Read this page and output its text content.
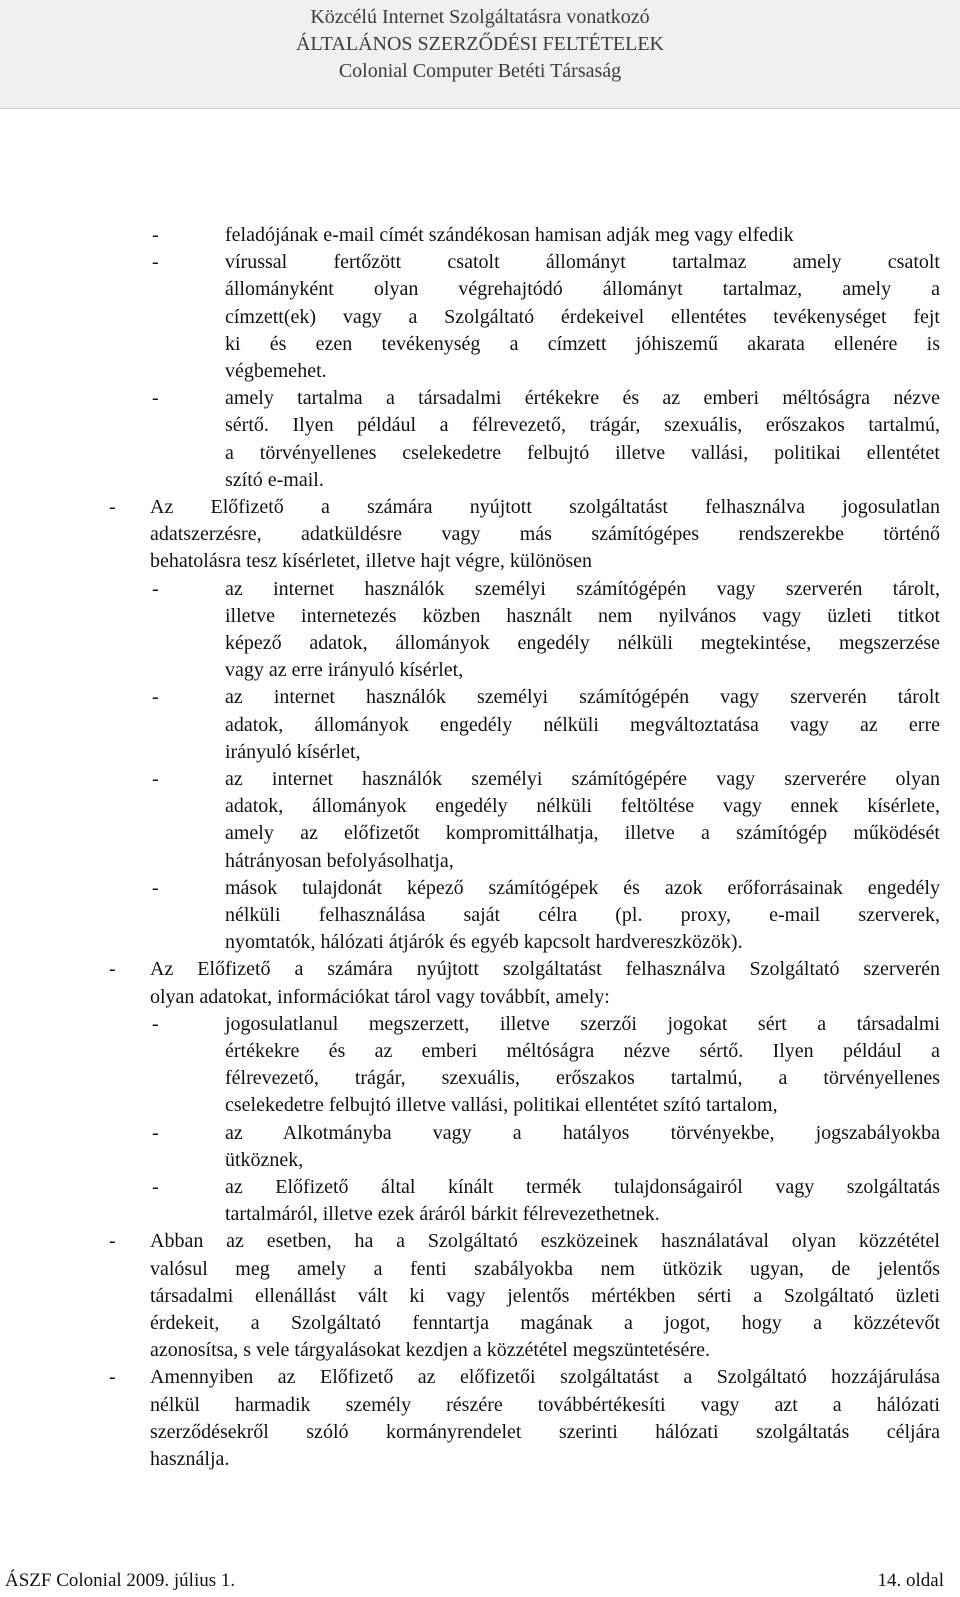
Közcélú Internet Szolgáltatásra vonatkozó
ÁLTALÁNOS SZERZŐDÉSI FELTÉTELEK
Colonial Computer Betéti Társaság
-	feladójának e-mail címét szándékosan hamisan adják meg vagy elfedik
-	vírussal fertőzött csatolt állományt tartalmaz amely csatolt
állományként olyan végrehajtódó állományt tartalmaz, amely a
címzett(ek) vagy a Szolgáltató érdekeivel ellentétes tevékenységet fejt
ki és ezen tevékenység a címzett jóhiszemű akarata ellenére is
végbemehet.
-	amely tartalma a társadalmi értékekre és az emberi méltóságra nézve
sértő. Ilyen például a félrevezető, trágár, szexuális, erőszakos tartalmú,
a törvényellenes cselekedetre felbujtó illetve vallási, politikai ellentétet
szító e-mail.
- Az Előfizető a számára nyújtott szolgáltatást felhasználva jogosulatlan
adatszerzésre, adatküldésre vagy más számítógépes rendszerekbe történő
behatolásra tesz kísérletet, illetve hajt végre, különösen
-	az internet használók személyi számítógépén vagy szerverén tárolt,
illetve internetezés közben használt nem nyilvános vagy üzleti titkot
képező adatok, állományok engedély nélküli megtekintése, megszerzése
vagy az erre irányuló kísérlet,
-	az internet használók személyi számítógépén vagy szerverén tárolt
adatok, állományok engedély nélküli megváltoztatása vagy az erre
irányuló kísérlet,
-	az internet használók személyi számítógépére vagy szerverére olyan
adatok, állományok engedély nélküli feltöltése vagy ennek kísérlete,
amely az előfizetőt kompromittálhatja, illetve a számítógép működését
hátrányosan befolyásolhatja,
-	mások tulajdonát képező számítógépek és azok erőforrásainak engedély
nélküli felhasználása saját célra (pl. proxy, e-mail szerverek,
nyomtatók, hálózati átjárók és egyéb kapcsolt hardvereszközök).
- Az Előfizető a számára nyújtott szolgáltatást felhasználva Szolgáltató szerverén
olyan adatokat, információkat tárol vagy továbbít, amely:
-	jogosulatlanul megszerzett, illetve szerzői jogokat sért a társadalmi
értékekre és az emberi méltóságra nézve sértő. Ilyen például a
félrevezető, trágár, szexuális, erőszakos tartalmú, a törvényellenes
cselekedetre felbujtó illetve vallási, politikai ellentétet szító tartalom,
-	az Alkotmányba vagy a hatályos törvényekbe, jogszabályokba
ütköznek,
-	az Előfizető által kínált termék tulajdonságairól vagy szolgáltatás
tartalmáról, illetve ezek áráról bárkit félrevezethetnek.
- Abban az esetben, ha a Szolgáltató eszközeinek használatával olyan közzététel
valósul meg amely a fenti szabályokba nem ütközik ugyan, de jelentős
társadalmi ellenállást vált ki vagy jelentős mértékben sérti a Szolgáltató üzleti
érdekeit, a Szolgáltató fenntartja magának a jogot, hogy a közzétevőt
azonosítsa, s vele tárgyalásokat kezdjen a közzététel megszüntetésére.
- Amennyiben az Előfizető az előfizetői szolgáltatást a Szolgáltató hozzájárulása
nélkül harmadik személy részére továbbértékesíti vagy azt a hálózati
szerződésekről szóló kormányrendelet szerinti hálózati szolgáltatás céljára
használja.
ÁSZF Colonial 2009. július 1.	14. oldal
